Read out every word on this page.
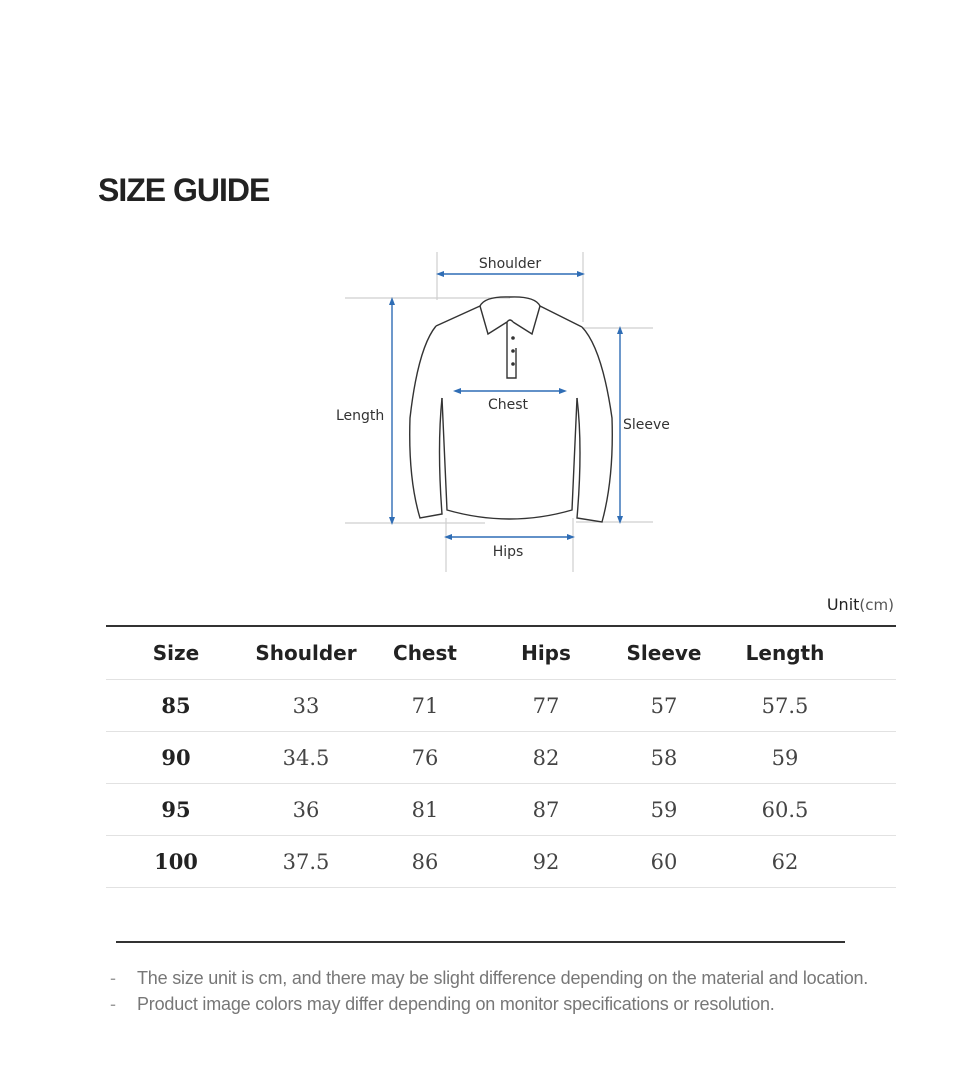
SIZE GUIDE
Shoulder
Chest
Length
Sleeve
Hips
Unit(cm)
Size	Shoulder	Chest	Hips	Sleeve	Length	
85	33	71	77	57	57.5	
90	34.5	76	82	58	59	
95	36	81	87	59	60.5	
100	37.5	86	92	60	62	
- The size unit is cm, and there may be slight difference depending on the material and location.
- Product image colors may differ depending on monitor specifications or resolution.
